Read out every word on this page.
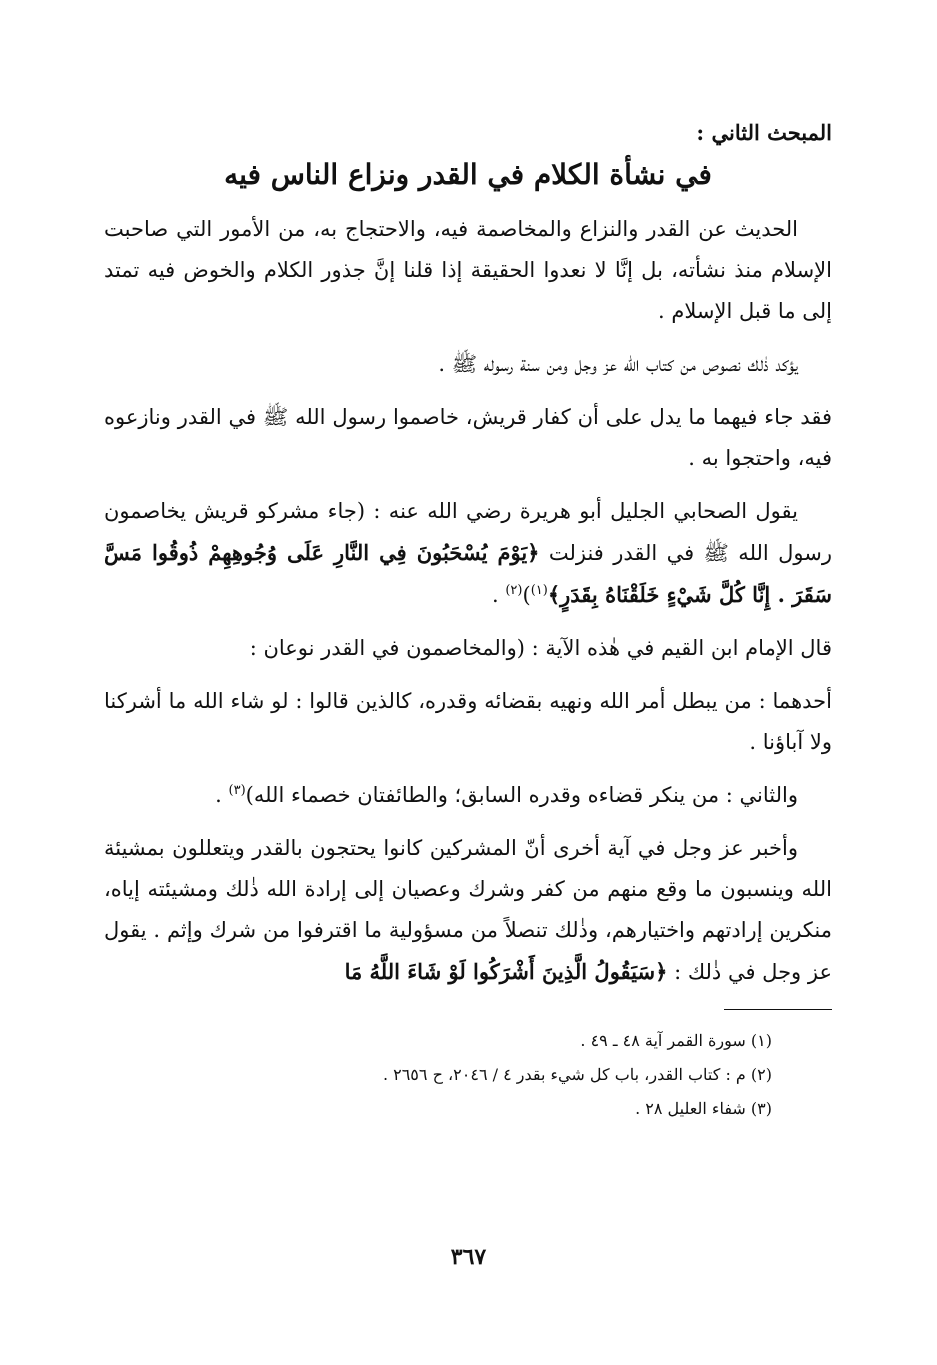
المبحث الثاني :
في نشأة الكلام في القدر ونزاع الناس فيه

الحديث عن القدر والنزاع والمخاصمة فيه، والاحتجاج به، من الأمور التي صاحبت الإسلام منذ نشأته، بل إنَّا لا نعدوا الحقيقة إذا قلنا إنَّ جذور الكلام والخوض فيه تمتد إلى ما قبل الإسلام .

يؤكد ذٰلك نصوص من كتاب الله عز وجل ومن سنة رسوله ﷺ .

فقد جاء فيهما ما يدل على أن كفار قريش، خاصموا رسول الله ﷺ في القدر ونازعوه فيه، واحتجوا به .

يقول الصحابي الجليل أبو هريرة رضي الله عنه : (جاء مشركو قريش يخاصمون رسول الله ﷺ في القدر فنزلت ﴿يَوْمَ يُسْحَبُونَ فِي النَّارِ عَلَى وُجُوهِهِمْ ذُوقُوا مَسَّ سَقَرَ . إِنَّا كُلَّ شَيْءٍ خَلَقْنَاهُ بِقَدَرٍ﴾$^{(١)}$)$^{(٢)}$ .

قال الإمام ابن القيم في هٰذه الآية : (والمخاصمون في القدر نوعان :

أحدهما : من يبطل أمر الله ونهيه بقضائه وقدره، كالذين قالوا : لو شاء الله ما أشركنا ولا آباؤنا .

والثاني : من ينكر قضاءه وقدره السابق؛ والطائفتان خصماء الله)$^{(٣)}$ .

وأخبر عز وجل في آية أخرى أنّ المشركين كانوا يحتجون بالقدر ويتعللون بمشيئة الله وينسبون ما وقع منهم من كفر وشرك وعصيان إلى إرادة الله ذٰلك ومشيئته إياه، منكرين إرادتهم واختيارهم، وذٰلك تنصلاً من مسؤولية ما اقترفوا من شرك وإثم . يقول عز وجل في ذٰلك : ﴿سَيَقُولُ الَّذِينَ أَشْرَكُوا لَوْ شَاءَ اللَّهُ مَا

(١) سورة القمر آية ٤٨ ـ ٤٩ .

(٢) م : كتاب القدر، باب كل شيء بقدر ٤ / ٢٠٤٦، ح ٢٦٥٦ .

(٣) شفاء العليل ٢٨ .

٣٦٧
